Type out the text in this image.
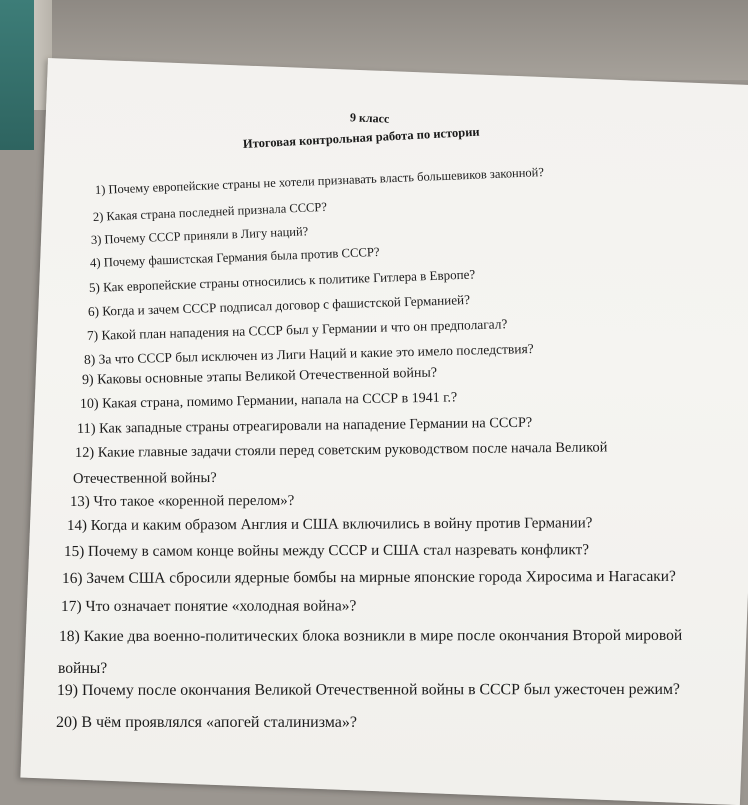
9 класс
Итоговая контрольная работа по истории
1) Почему европейские страны не хотели признавать власть большевиков законной?
2) Какая страна последней признала СССР?
3) Почему СССР приняли в Лигу наций?
4) Почему фашистская Германия была против СССР?
5) Как европейские страны относились к политике Гитлера в Европе?
6) Когда и зачем СССР подписал договор с фашистской Германией?
7) Какой план нападения на СССР был у Германии и что он предполагал?
8) За что СССР был исключен из Лиги Наций и какие это имело последствия?
9) Каковы основные этапы Великой Отечественной войны?
10) Какая страна, помимо Германии, напала на СССР в 1941 г.?
11) Как западные страны отреагировали на нападение Германии на СССР?
12) Какие главные задачи стояли перед советским руководством после начала Великой
Отечественной войны?
13) Что такое «коренной перелом»?
14) Когда и каким образом Англия и США включились в войну против Германии?
15) Почему в самом конце войны между СССР и США стал назревать конфликт?
16) Зачем США сбросили ядерные бомбы на мирные японские города Хиросима и Нагасаки?
17) Что означает понятие «холодная война»?
18) Какие два военно-политических блока возникли в мире после окончания Второй мировой
войны?
19) Почему после окончания Великой Отечественной войны в СССР был ужесточен режим?
20) В чём проявлялся «апогей сталинизма»?
